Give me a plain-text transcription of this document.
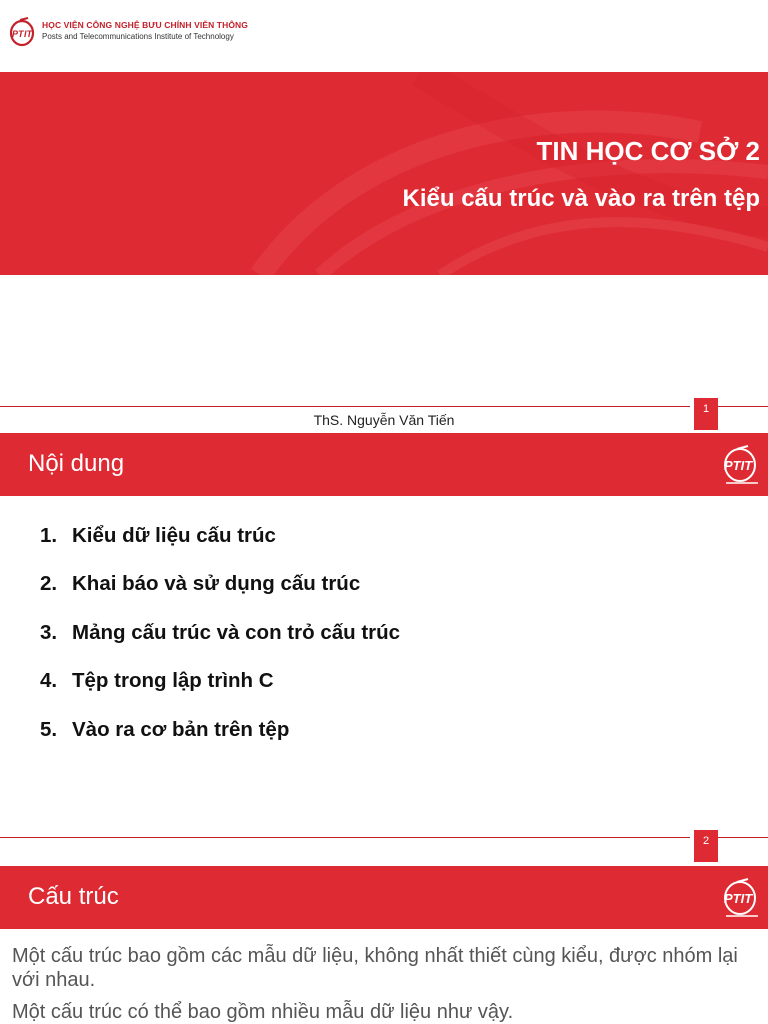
PT IT
HỌC VIỆN CÔNG NGHỆ BƯU CHÍNH VIỄN THÔNG
Posts and Telecommunications Institute of Technology
TIN HỌC CƠ SỞ 2
Kiểu cấu trúc và vào ra trên tệp
ThS. Nguyễn Văn Tiến
1
Nội dung	PTIT
1. Kiểu dữ liệu cấu trúc
2. Khai báo và sử dụng cấu trúc
3. Mảng cấu trúc và con trỏ cấu trúc
4. Tệp trong lập trình C
5. Vào ra cơ bản trên tệp
2
Cấu trúc	PTIT
Một cấu trúc bao gồm các mẫu dữ liệu, không nhất thiết cùng kiểu, được nhóm lại với nhau.
Một cấu trúc có thể bao gồm nhiều mẫu dữ liệu như vậy.
